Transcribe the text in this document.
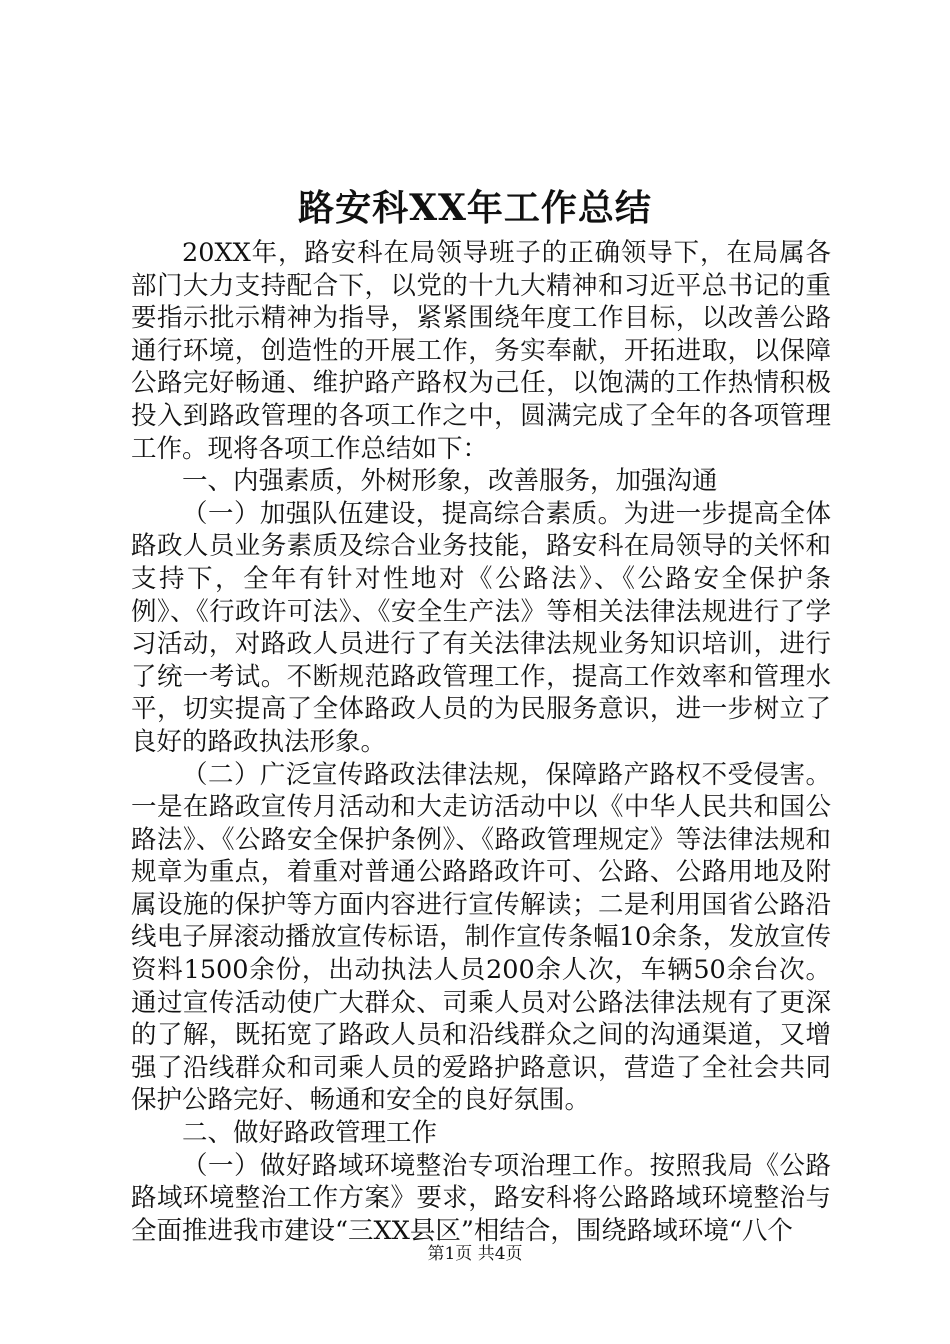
路安科XX年工作总结

20XX年，路安科在局领导班子的正确领导下，在局属各部门大力支持配合下，以党的十九大精神和习近平总书记的重要指示批示精神为指导，紧紧围绕年度工作目标，以改善公路通行环境，创造性的开展工作，务实奉献，开拓进取，以保障公路完好畅通、维护路产路权为己任，以饱满的工作热情积极投入到路政管理的各项工作之中，圆满完成了全年的各项管理工作。现将各项工作总结如下：

一、内强素质，外树形象，改善服务，加强沟通

（一）加强队伍建设，提高综合素质。为进一步提高全体路政人员业务素质及综合业务技能，路安科在局领导的关怀和支持下，全年有针对性地对《公路法》、《公路安全保护条例》、《行政许可法》、《安全生产法》等相关法律法规进行了学习活动，对路政人员进行了有关法律法规业务知识培训，进行了统一考试。不断规范路政管理工作，提高工作效率和管理水平，切实提高了全体路政人员的为民服务意识，进一步树立了良好的路政执法形象。

（二）广泛宣传路政法律法规，保障路产路权不受侵害。一是在路政宣传月活动和大走访活动中以《中华人民共和国公路法》、《公路安全保护条例》、《路政管理规定》等法律法规和规章为重点，着重对普通公路路政许可、公路、公路用地及附属设施的保护等方面内容进行宣传解读；二是利用国省公路沿线电子屏滚动播放宣传标语，制作宣传条幅10余条，发放宣传资料1500余份，出动执法人员200余人次，车辆50余台次。通过宣传活动使广大群众、司乘人员对公路法律法规有了更深的了解，既拓宽了路政人员和沿线群众之间的沟通渠道，又增强了沿线群众和司乘人员的爱路护路意识，营造了全社会共同保护公路完好、畅通和安全的良好氛围。

二、做好路政管理工作

（一）做好路域环境整治专项治理工作。按照我局《公路路域环境整治工作方案》要求，路安科将公路路域环境整治与全面推进我市建设“三XX县区”相结合，围绕路域环境“八个

第1页 共4页
